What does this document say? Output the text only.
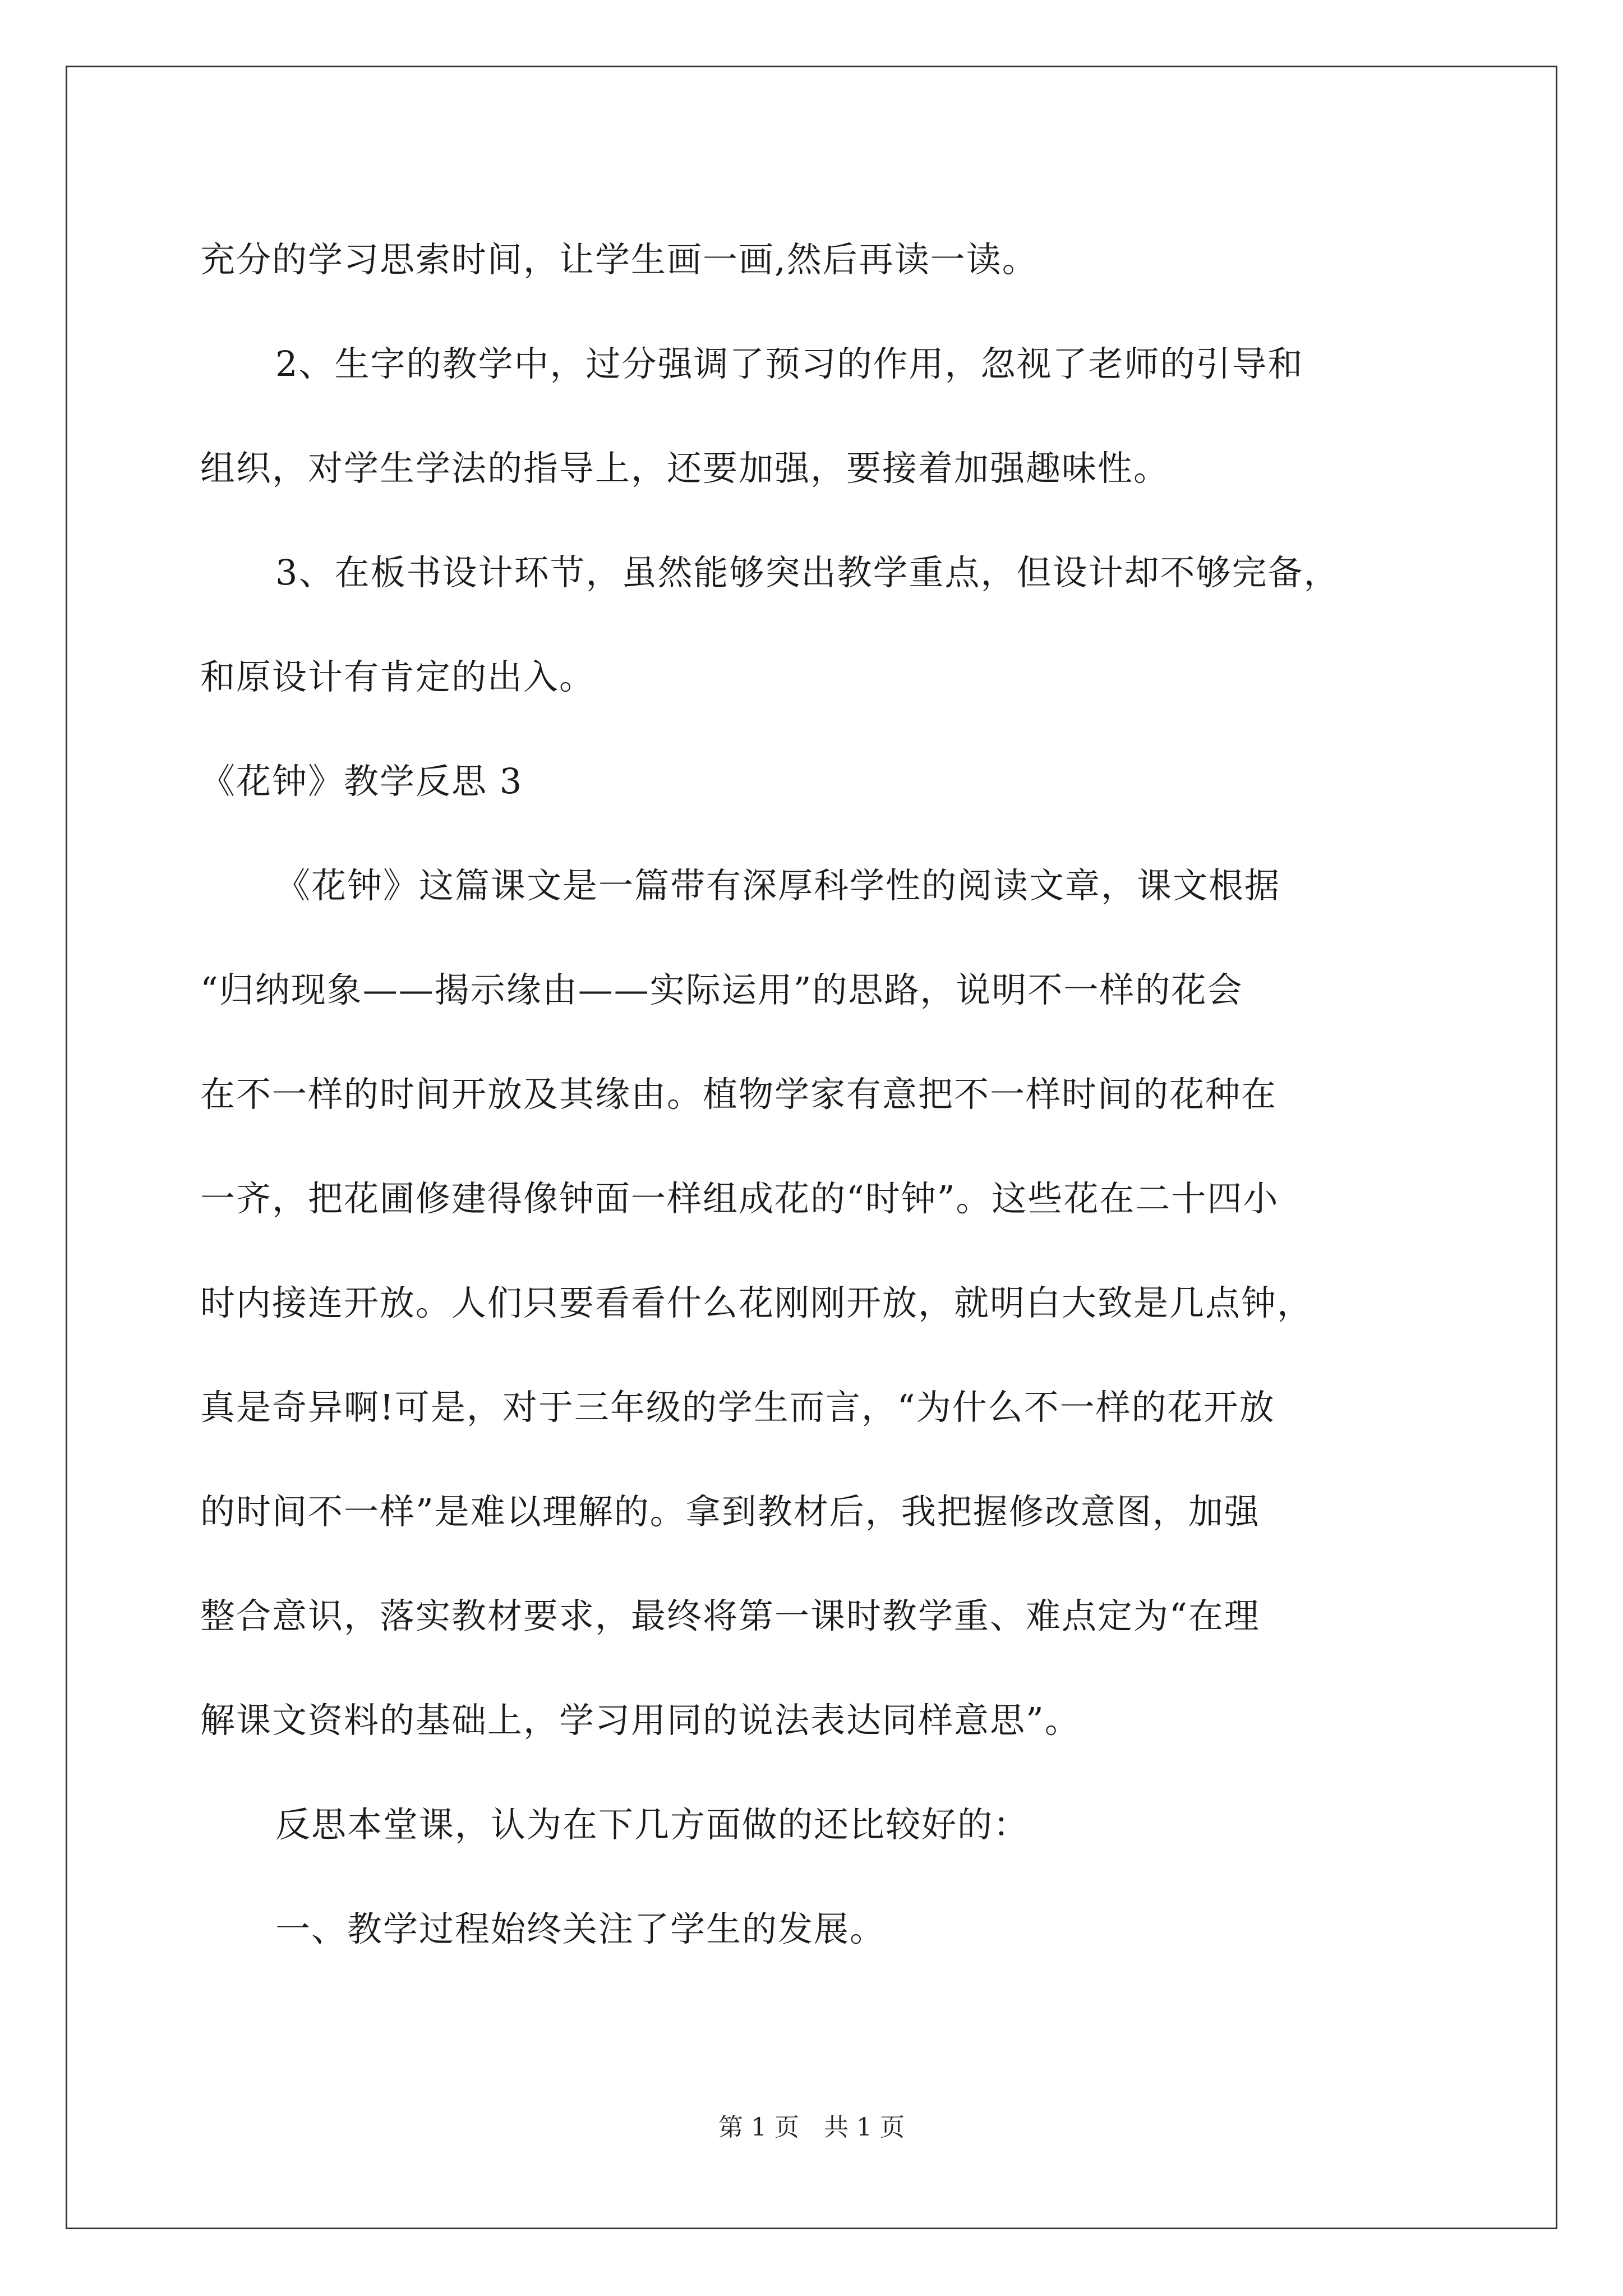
充分的学习思索时间，让学生画一画,然后再读一读。
2、生字的教学中，过分强调了预习的作用，忽视了老师的引导和
组织，对学生学法的指导上，还要加强，要接着加强趣味性。
3、在板书设计环节，虽然能够突出教学重点，但设计却不够完备，
和原设计有肯定的出入。
《花钟》教学反思 3
《花钟》这篇课文是一篇带有深厚科学性的阅读文章，课文根据
“归纳现象——揭示缘由——实际运用”的思路，说明不一样的花会
在不一样的时间开放及其缘由。植物学家有意把不一样时间的花种在
一齐，把花圃修建得像钟面一样组成花的“时钟”。这些花在二十四小
时内接连开放。人们只要看看什么花刚刚开放，就明白大致是几点钟，
真是奇异啊!可是，对于三年级的学生而言，“为什么不一样的花开放
的时间不一样”是难以理解的。拿到教材后，我把握修改意图，加强
整合意识，落实教材要求，最终将第一课时教学重、难点定为“在理
解课文资料的基础上，学习用同的说法表达同样意思”。
反思本堂课，认为在下几方面做的还比较好的：
一、教学过程始终关注了学生的发展。
第 1 页　共 1 页
